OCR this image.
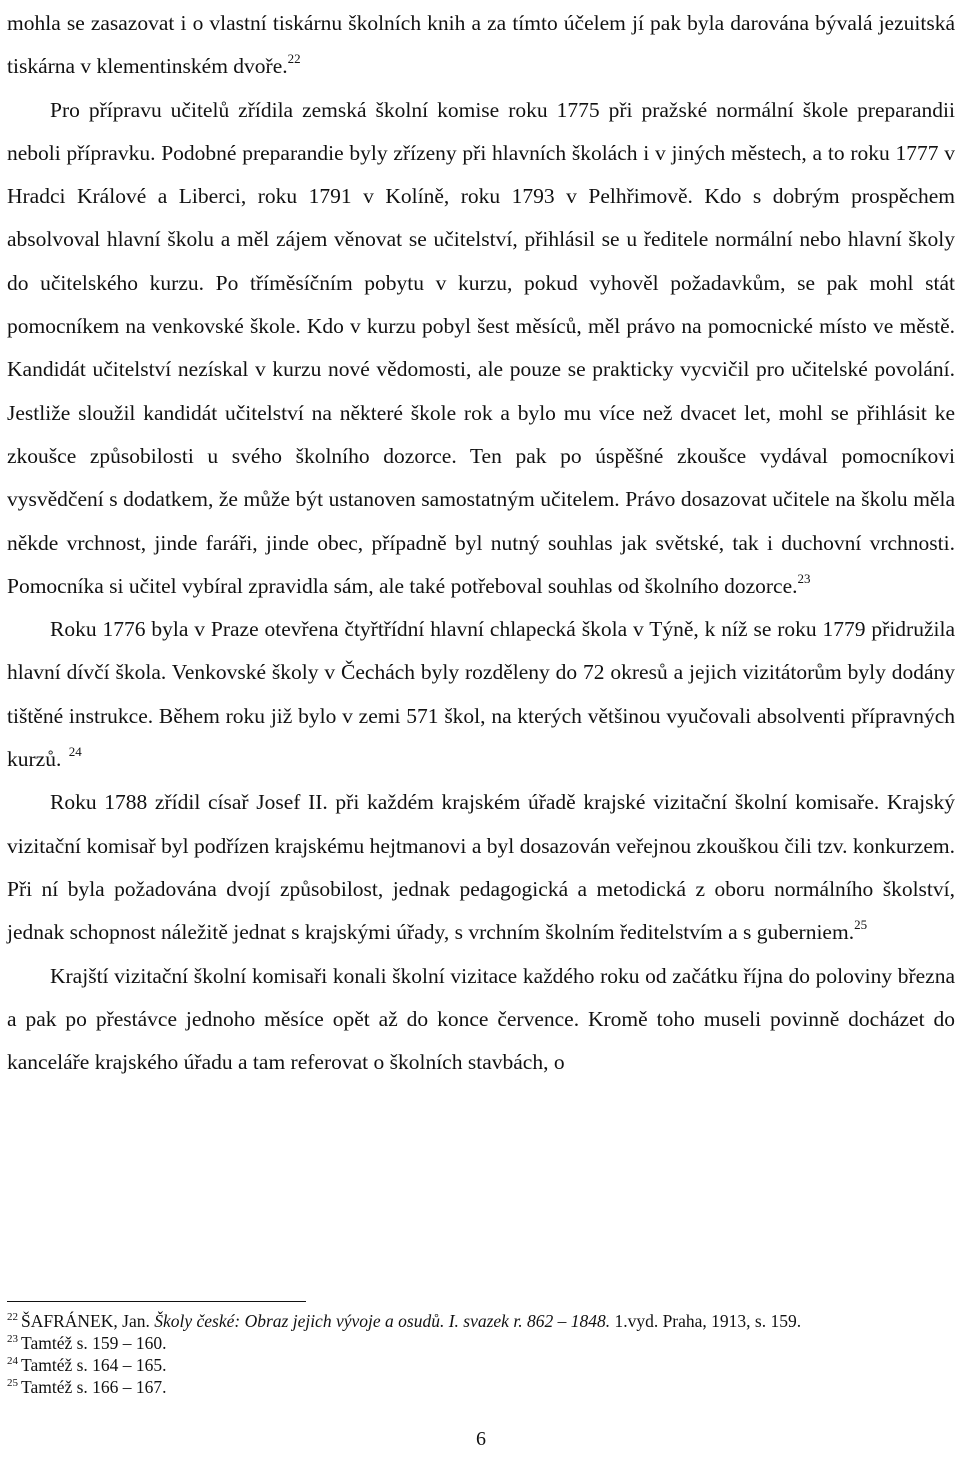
mohla se zasazovat i o vlastní tiskárnu školních knih a za tímto účelem jí pak byla darována bývalá jezuitská tiskárna v klementinském dvoře.$^{22}$

Pro přípravu učitelů zřídila zemská školní komise roku 1775 při pražské normální škole preparandii neboli přípravku. Podobné preparandie byly zřízeny při hlavních školách i v jiných městech, a to roku 1777 v Hradci Králové a Liberci, roku 1791 v Kolíně, roku 1793 v Pelhřimově. Kdo s dobrým prospěchem absolvoval hlavní školu a měl zájem věnovat se učitelství, přihlásil se u ředitele normální nebo hlavní školy do učitelského kurzu. Po tříměsíčním pobytu v kurzu, pokud vyhověl požadavkům, se pak mohl stát pomocníkem na venkovské škole. Kdo v kurzu pobyl šest měsíců, měl právo na pomocnické místo ve městě. Kandidát učitelství nezískal v kurzu nové vědomosti, ale pouze se prakticky vycvičil pro učitelské povolání. Jestliže sloužil kandidát učitelství na některé škole rok a bylo mu více než dvacet let, mohl se přihlásit ke zkoušce způsobilosti u svého školního dozorce. Ten pak po úspěšné zkoušce vydával pomocníkovi vysvědčení s dodatkem, že může být ustanoven samostatným učitelem. Právo dosazovat učitele na školu měla někde vrchnost, jinde faráři, jinde obec, případně byl nutný souhlas jak světské, tak i duchovní vrchnosti. Pomocníka si učitel vybíral zpravidla sám, ale také potřeboval souhlas od školního dozorce.$^{23}$

Roku 1776 byla v Praze otevřena čtyřtřídní hlavní chlapecká škola v Týně, k níž se roku 1779 přidružila hlavní dívčí škola. Venkovské školy v Čechách byly rozděleny do 72 okresů a jejich vizitátorům byly dodány tištěné instrukce. Během roku již bylo v zemi 571 škol, na kterých většinou vyučovali absolventi přípravných kurzů. $^{24}$

Roku 1788 zřídil císař Josef II. při každém krajském úřadě krajské vizitační školní komisaře. Krajský vizitační komisař byl podřízen krajskému hejtmanovi a byl dosazován veřejnou zkouškou čili tzv. konkurzem. Při ní byla požadována dvojí způsobilost, jednak pedagogická a metodická z oboru normálního školství, jednak schopnost náležitě jednat s krajskými úřady, s vrchním školním ředitelstvím a s guberniem.$^{25}$

Krajští vizitační školní komisaři konali školní vizitace každého roku od začátku října do poloviny března a pak po přestávce jednoho měsíce opět až do konce července. Kromě toho museli povinně docházet do kanceláře krajského úřadu a tam referovat o školních stavbách, o

$^{22}$ ŠAFRÁNEK, Jan. Školy české: Obraz jejich vývoje a osudů. I. svazek r. 862 – 1848. 1.vyd. Praha, 1913, s. 159.

$^{23}$ Tamtéž s. 159 – 160.

$^{24}$ Tamtéž s. 164 – 165.

$^{25}$ Tamtéž s. 166 – 167.

6
